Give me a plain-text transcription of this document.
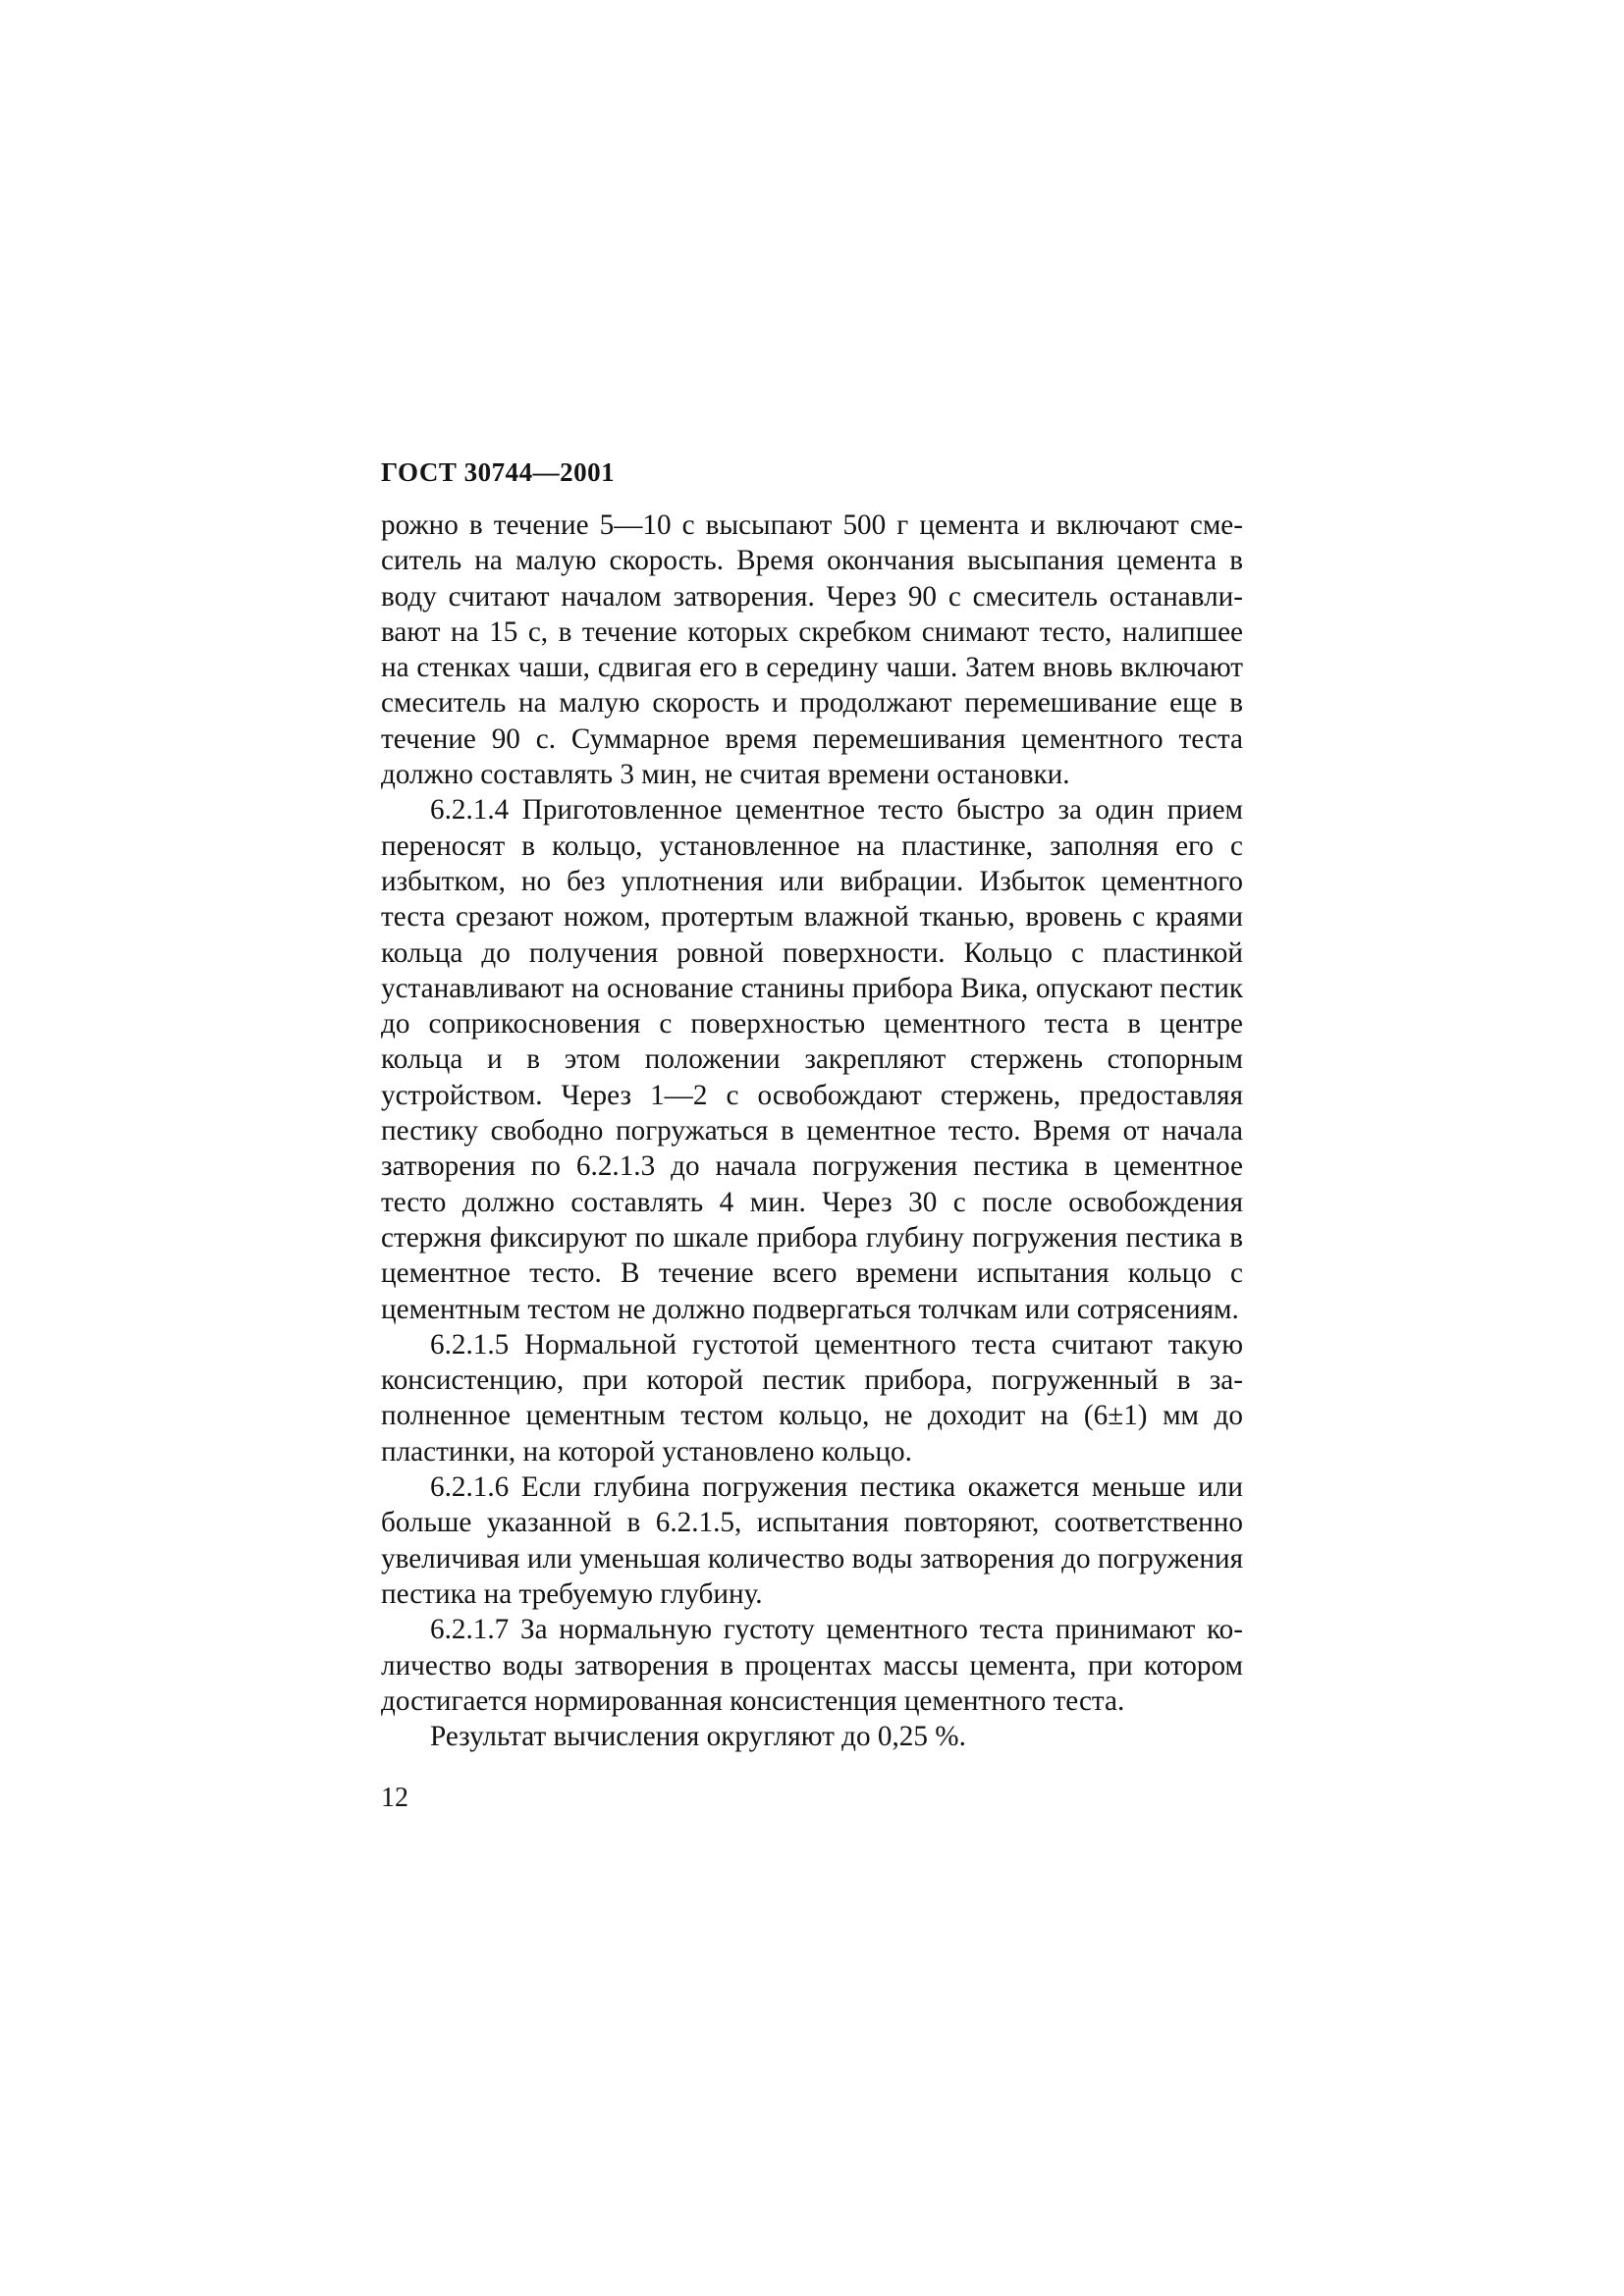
ГОСТ 30744—2001

рожно в течение 5—10 с высыпают 500 г цемента и включают смеситель на малую скорость. Время окончания высыпания цемента в воду считают началом затворения. Через 90 с смеситель останавливают на 15 с, в течение которых скребком снимают тесто, налипшее на стенках чаши, сдвигая его в середину чаши. Затем вновь включают смеситель на малую скорость и продолжают перемешивание еще в течение 90 с. Суммарное время перемешивания цементного теста должно составлять 3 мин, не считая времени остановки.

6.2.1.4 Приготовленное цементное тесто быстро за один прием переносят в кольцо, установленное на пластинке, заполняя его с избытком, но без уплотнения или вибрации. Избыток цементного теста срезают ножом, протертым влажной тканью, вровень с краями кольца до получения ровной поверхности. Кольцо с пластинкой устанавливают на основание станины прибора Вика, опускают пестик до соприкосновения с поверхностью цементного теста в центре кольца и в этом положении закрепляют стержень стопорным устройством. Через 1—2 с освобождают стержень, предоставляя пестику свободно погружаться в цементное тесто. Время от начала затворения по 6.2.1.3 до начала погружения пестика в цементное тесто должно составлять 4 мин. Через 30 с после освобождения стержня фиксируют по шкале прибора глубину погружения пестика в цементное тесто. В течение всего времени испытания кольцо с цементным тестом не должно подвергаться толчкам или сотрясениям.

6.2.1.5 Нормальной густотой цементного теста считают такую консистенцию, при которой пестик прибора, погруженный в заполненное цементным тестом кольцо, не доходит на (6±1) мм до пластинки, на которой установлено кольцо.

6.2.1.6 Если глубина погружения пестика окажется меньше или больше указанной в 6.2.1.5, испытания повторяют, соответственно увеличивая или уменьшая количество воды затворения до погружения пестика на требуемую глубину.

6.2.1.7 За нормальную густоту цементного теста принимают количество воды затворения в процентах массы цемента, при котором достигается нормированная консистенция цементного теста.

Результат вычисления округляют до 0,25 %.

12
